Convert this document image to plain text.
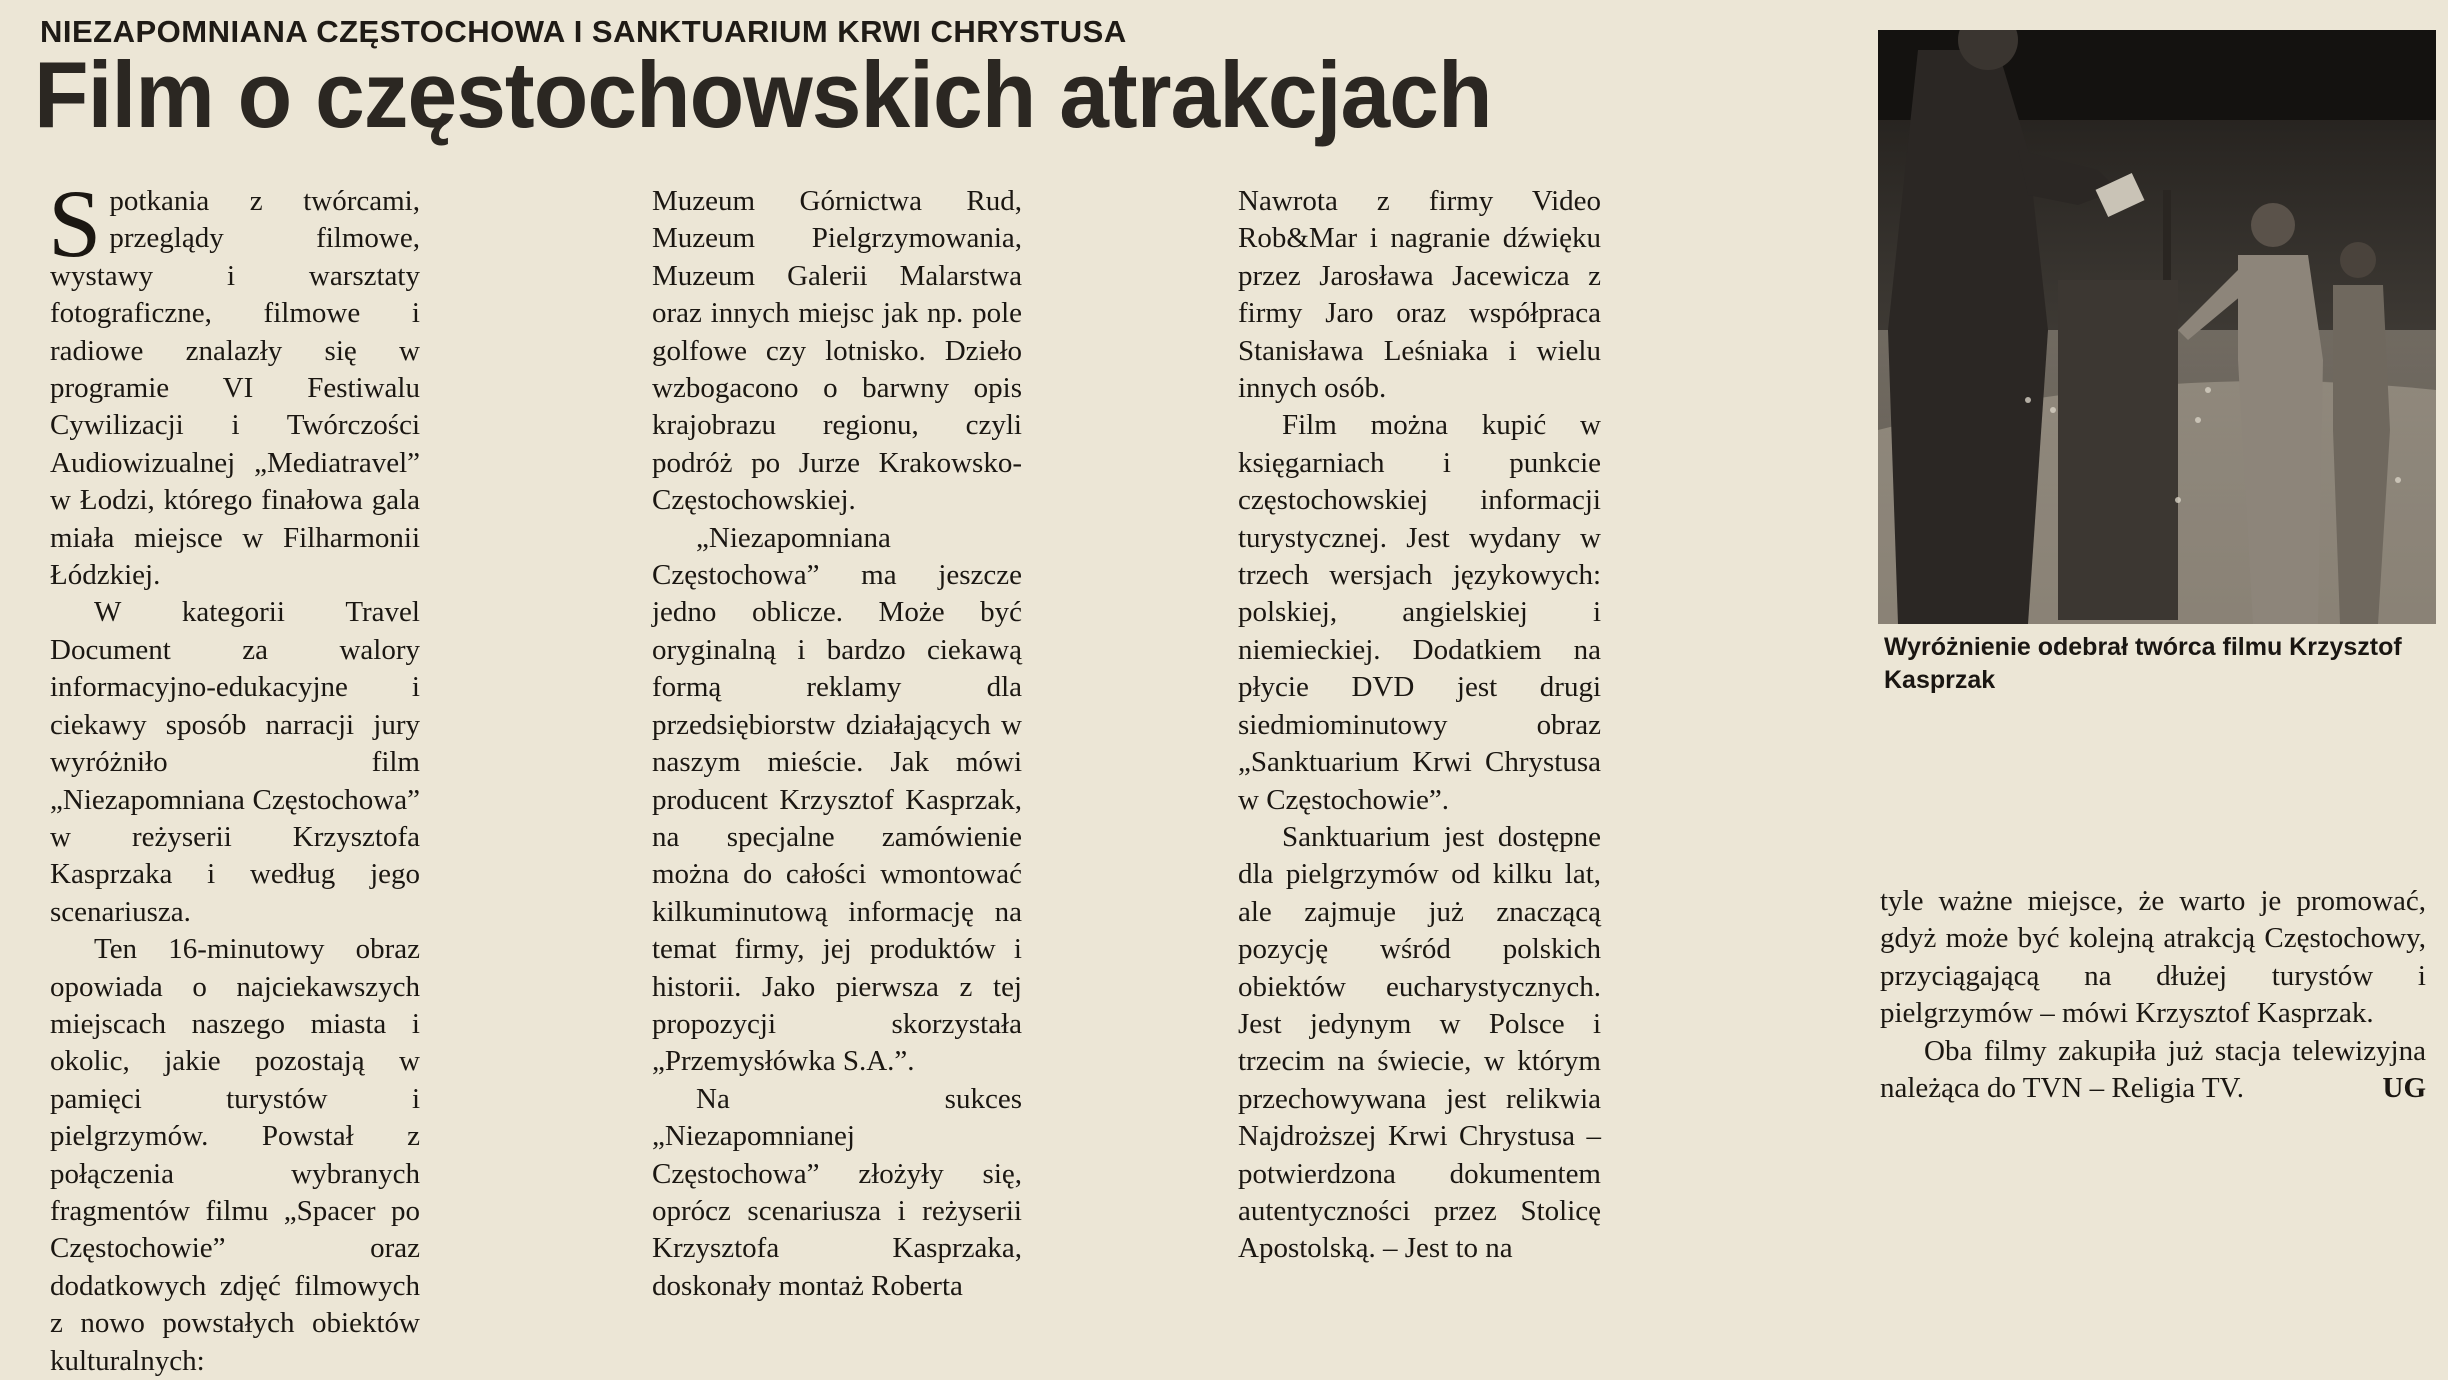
NIEZAPOMNIANA CZĘSTOCHOWA I SANKTUARIUM KRWI CHRYSTUSA
Film o częstochowskich atrakcjach

Spotkania z twórcami, przeglądy filmowe, wystawy i warsztaty fotograficzne, filmowe i radiowe znalazły się w programie VI Festiwalu Cywilizacji i Twórczości Audiowizualnej „Mediatravel” w Łodzi, którego finałowa gala miała miejsce w Filharmonii Łódzkiej.

W kategorii Travel Document za walory informacyjno-edukacyjne i ciekawy sposób narracji jury wyróżniło film „Niezapomniana Częstochowa” w reżyserii Krzysztofa Kasprzaka i według jego scenariusza.

Ten 16-minutowy obraz opowiada o najciekawszych miejscach naszego miasta i okolic, jakie pozostają w pamięci turystów i pielgrzymów. Powstał z połączenia wybranych fragmentów filmu „Spacer po Częstochowie” oraz dodatkowych zdjęć filmowych z nowo powstałych obiektów kulturalnych:

Muzeum Górnictwa Rud, Muzeum Pielgrzymowania, Muzeum Galerii Malarstwa oraz innych miejsc jak np. pole golfowe czy lotnisko. Dzieło wzbogacono o barwny opis krajobrazu regionu, czyli podróż po Jurze Krakowsko-Częstochowskiej.

„Niezapomniana Częstochowa” ma jeszcze jedno oblicze. Może być oryginalną i bardzo ciekawą formą reklamy dla przedsiębiorstw działających w naszym mieście. Jak mówi producent Krzysztof Kasprzak, na specjalne zamówienie można do całości wmontować kilkuminutową informację na temat firmy, jej produktów i historii. Jako pierwsza z tej propozycji skorzystała „Przemysłówka S.A.”.

Na sukces „Niezapomnianej Częstochowa” złożyły się, oprócz scenariusza i reżyserii Krzysztofa Kasprzaka, doskonały montaż Roberta

Nawrota z firmy Video Rob&Mar i nagranie dźwięku przez Jarosława Jacewicza z firmy Jaro oraz współpraca Stanisława Leśniaka i wielu innych osób.

Film można kupić w księgarniach i punkcie częstochowskiej informacji turystycznej. Jest wydany w trzech wersjach językowych: polskiej, angielskiej i niemieckiej. Dodatkiem na płycie DVD jest drugi siedmiominutowy obraz „Sanktuarium Krwi Chrystusa w Częstochowie”.

Sanktuarium jest dostępne dla pielgrzymów od kilku lat, ale zajmuje już znaczącą pozycję wśród polskich obiektów eucharystycznych. Jest jedynym w Polsce i trzecim na świecie, w którym przechowywana jest relikwia Najdroższej Krwi Chrystusa – potwierdzona dokumentem autentyczności przez Stolicę Apostolską. – Jest to na

Wyróżnienie odebrał twórca filmu Krzysztof Kasprzak

tyle ważne miejsce, że warto je promować, gdyż może być kolejną atrakcją Częstochowy, przyciągającą na dłużej turystów i pielgrzymów – mówi Krzysztof Kasprzak.

Oba filmy zakupiła już stacja telewizyjna należąca do TVN – Religia TV.	UG
